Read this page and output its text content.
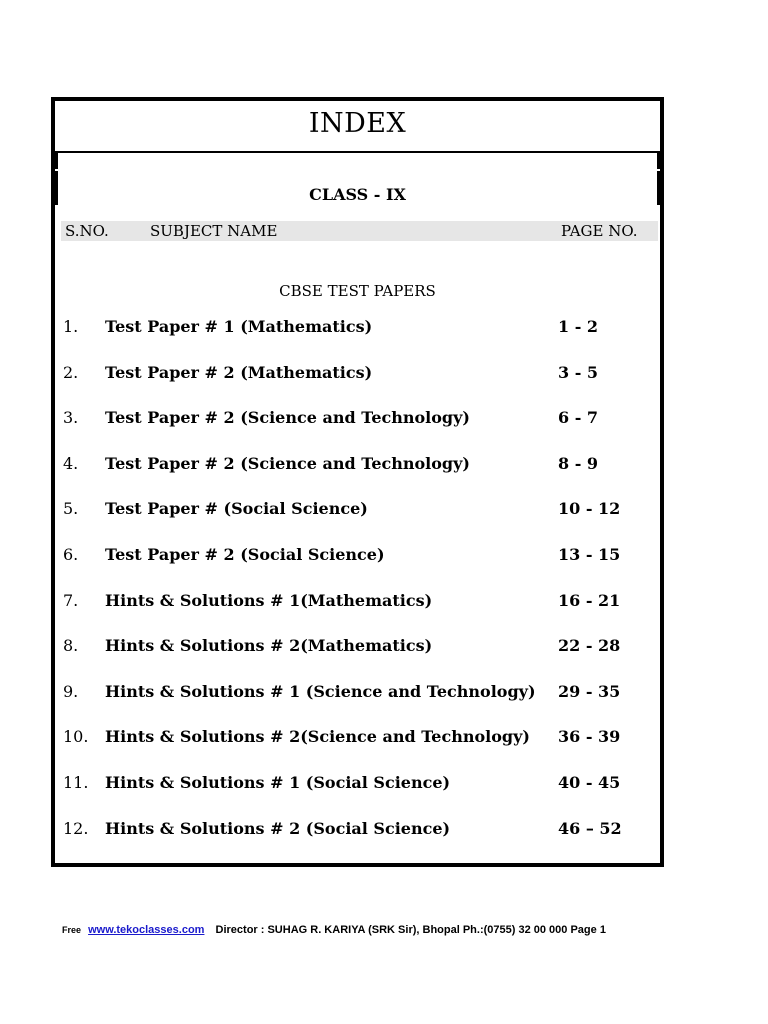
INDEX
CLASS - IX
S.NO.	SUBJECT NAME	PAGE NO.
CBSE TEST PAPERS
1. Test Paper # 1 (Mathematics)	1 - 2
2. Test Paper # 2 (Mathematics)	3 - 5
3. Test Paper # 2 (Science and Technology)	6 - 7
4. Test Paper # 2 (Science and Technology)	8 - 9
5. Test Paper # (Social Science)	10 - 12
6. Test Paper # 2 (Social Science)	13 - 15
7. Hints & Solutions # 1(Mathematics)	16 - 21
8. Hints & Solutions # 2(Mathematics)	22 - 28
9. Hints & Solutions # 1 (Science and Technology) 29 - 35
10. Hints & Solutions # 2(Science and Technology) 36 - 39
11. Hints & Solutions # 1 (Social Science)	40 - 45
12. Hints & Solutions # 2 (Social Science)	46 – 52
Free www.tekoclasses.com Director : SUHAG R. KARIYA (SRK Sir), Bhopal Ph.:(0755) 32 00 000 Page 1
